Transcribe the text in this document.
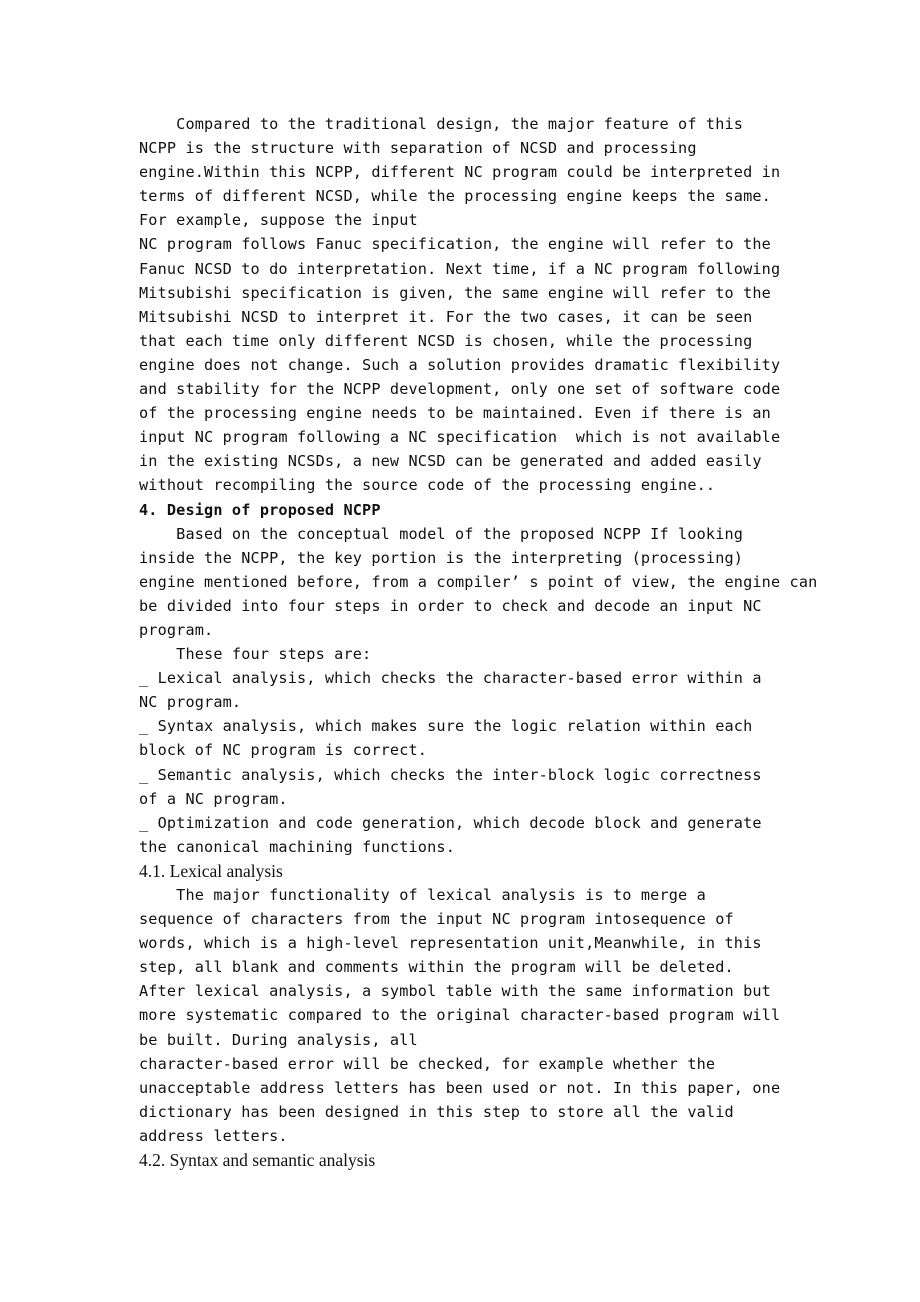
Compared to the traditional design, the major feature of this
NCPP is the structure with separation of NCSD and processing
engine.Within this NCPP, different NC program could be interpreted in
terms of different NCSD, while the processing engine keeps the same.
For example, suppose the input
NC program follows Fanuc specification, the engine will refer to the
Fanuc NCSD to do interpretation. Next time, if a NC program following
Mitsubishi specification is given, the same engine will refer to the
Mitsubishi NCSD to interpret it. For the two cases, it can be seen
that each time only different NCSD is chosen, while the processing
engine does not change. Such a solution provides dramatic flexibility
and stability for the NCPP development, only one set of software code
of the processing engine needs to be maintained. Even if there is an
input NC program following a NC specification  which is not available
in the existing NCSDs, a new NCSD can be generated and added easily
without recompiling the source code of the processing engine..
4. Design of proposed NCPP
Based on the conceptual model of the proposed NCPP If looking
inside the NCPP, the key portion is the interpreting (processing)
engine mentioned before, from a compiler’ s point of view, the engine can
be divided into four steps in order to check and decode an input NC
program.
These four steps are:
_ Lexical analysis, which checks the character-based error within a
NC program.
_ Syntax analysis, which makes sure the logic relation within each
block of NC program is correct.
_ Semantic analysis, which checks the inter-block logic correctness
of a NC program.
_ Optimization and code generation, which decode block and generate
the canonical machining functions.
4.1. Lexical analysis
The major functionality of lexical analysis is to merge a
sequence of characters from the input NC program intosequence of
words, which is a high-level representation unit,Meanwhile, in this
step, all blank and comments within the program will be deleted.
After lexical analysis, a symbol table with the same information but
more systematic compared to the original character-based program will
be built. During analysis, all
character-based error will be checked, for example whether the
unacceptable address letters has been used or not. In this paper, one
dictionary has been designed in this step to store all the valid
address letters.
4.2. Syntax and semantic analysis
